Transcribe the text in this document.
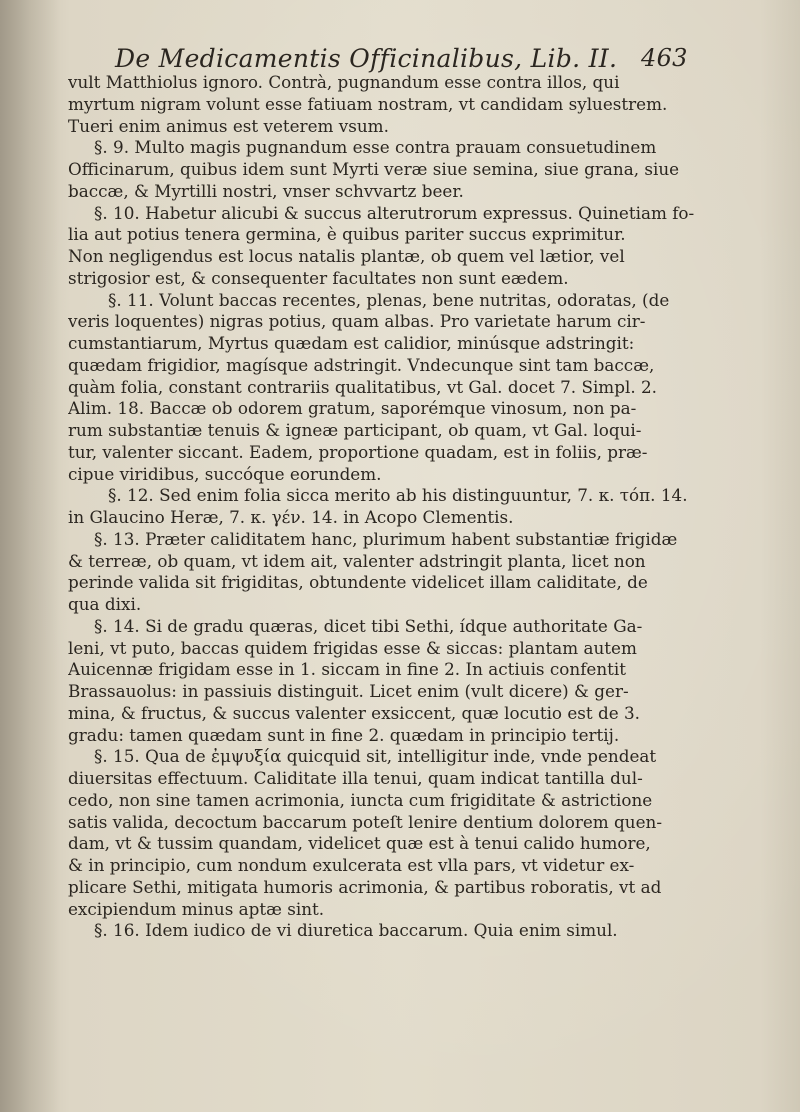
De Medicamentis Officinalibus, Lib. II. 463
vult Matthiolus ignoro. Contrà, pugnandum esse contra illos, qui
myrtum nigram volunt esse fatiuam nostram, vt candidam syluestrem.
Tueri enim animus est veterem vsum.
§. 9. Multo magis pugnandum esse contra prauam consuetudinem
Officinarum, quibus idem sunt Myrti veræ siue semina, siue grana, siue
baccæ, & Myrtilli nostri, vnser schvvartz beer.
§. 10. Habetur alicubi & succus alterutrorum expressus. Quinetiam fo-
lia aut potius tenera germina, è quibus pariter succus exprimitur.
Non negligendus est locus natalis plantæ, ob quem vel lætior, vel
strigosior est, & consequenter facultates non sunt eædem.
§. 11. Volunt baccas recentes, plenas, bene nutritas, odoratas, (de
veris loquentes) nigras potius, quam albas. Pro varietate harum cir-
cumstantiarum, Myrtus quædam est calidior, minúsque adstringit:
quædam frigidior, magísque adstringit. Vndecunque sint tam baccæ,
quàm folia, constant contrariis qualitatibus, vt Gal. docet 7. Simpl. 2.
Alim. 18. Baccæ ob odorem gratum, saporémque vinosum, non pa-
rum substantiæ tenuis & igneæ participant, ob quam, vt Gal. loqui-
tur, valenter siccant. Eadem, proportione quadam, est in foliis, præ-
cipue viridibus, succóque eorundem.
§. 12. Sed enim folia sicca merito ab his distinguuntur, 7. κ. τόπ. 14.
in Glaucino Heræ, 7. κ. γέν. 14. in Acopo Clementis.
§. 13. Præter caliditatem hanc, plurimum habent substantiæ frigidæ
& terreæ, ob quam, vt idem ait, valenter adstringit planta, licet non
perinde valida sit frigiditas, obtundente videlicet illam caliditate, de
qua dixi.
§. 14. Si de gradu quæras, dicet tibi Sethi, ídque authoritate Ga-
leni, vt puto, baccas quidem frigidas esse & siccas: plantam autem
Auicennæ frigidam esse in 1. siccam in fine 2. In actiuis confentit
Brassauolus: in passiuis distinguit. Licet enim (vult dicere) & ger-
mina, & fructus, & succus valenter exsiccent, quæ locutio est de 3.
gradu: tamen quædam sunt in fine 2. quædam in principio tertij.
§. 15. Qua de ἐμψυξία quicquid sit, intelligitur inde, vnde pendeat
diuersitas effectuum. Caliditate illa tenui, quam indicat tantilla dul-
cedo, non sine tamen acrimonia, iuncta cum frigiditate & astrictione
satis valida, decoctum baccarum poteſt lenire dentium dolorem quen-
dam, vt & tussim quandam, videlicet quæ est à tenui calido humore,
& in principio, cum nondum exulcerata est vlla pars, vt videtur ex-
plicare Sethi, mitigata humoris acrimonia, & partibus roboratis, vt ad
excipiendum minus aptæ sint.
§. 16. Idem iudico de vi diuretica baccarum. Quia enim simul.
